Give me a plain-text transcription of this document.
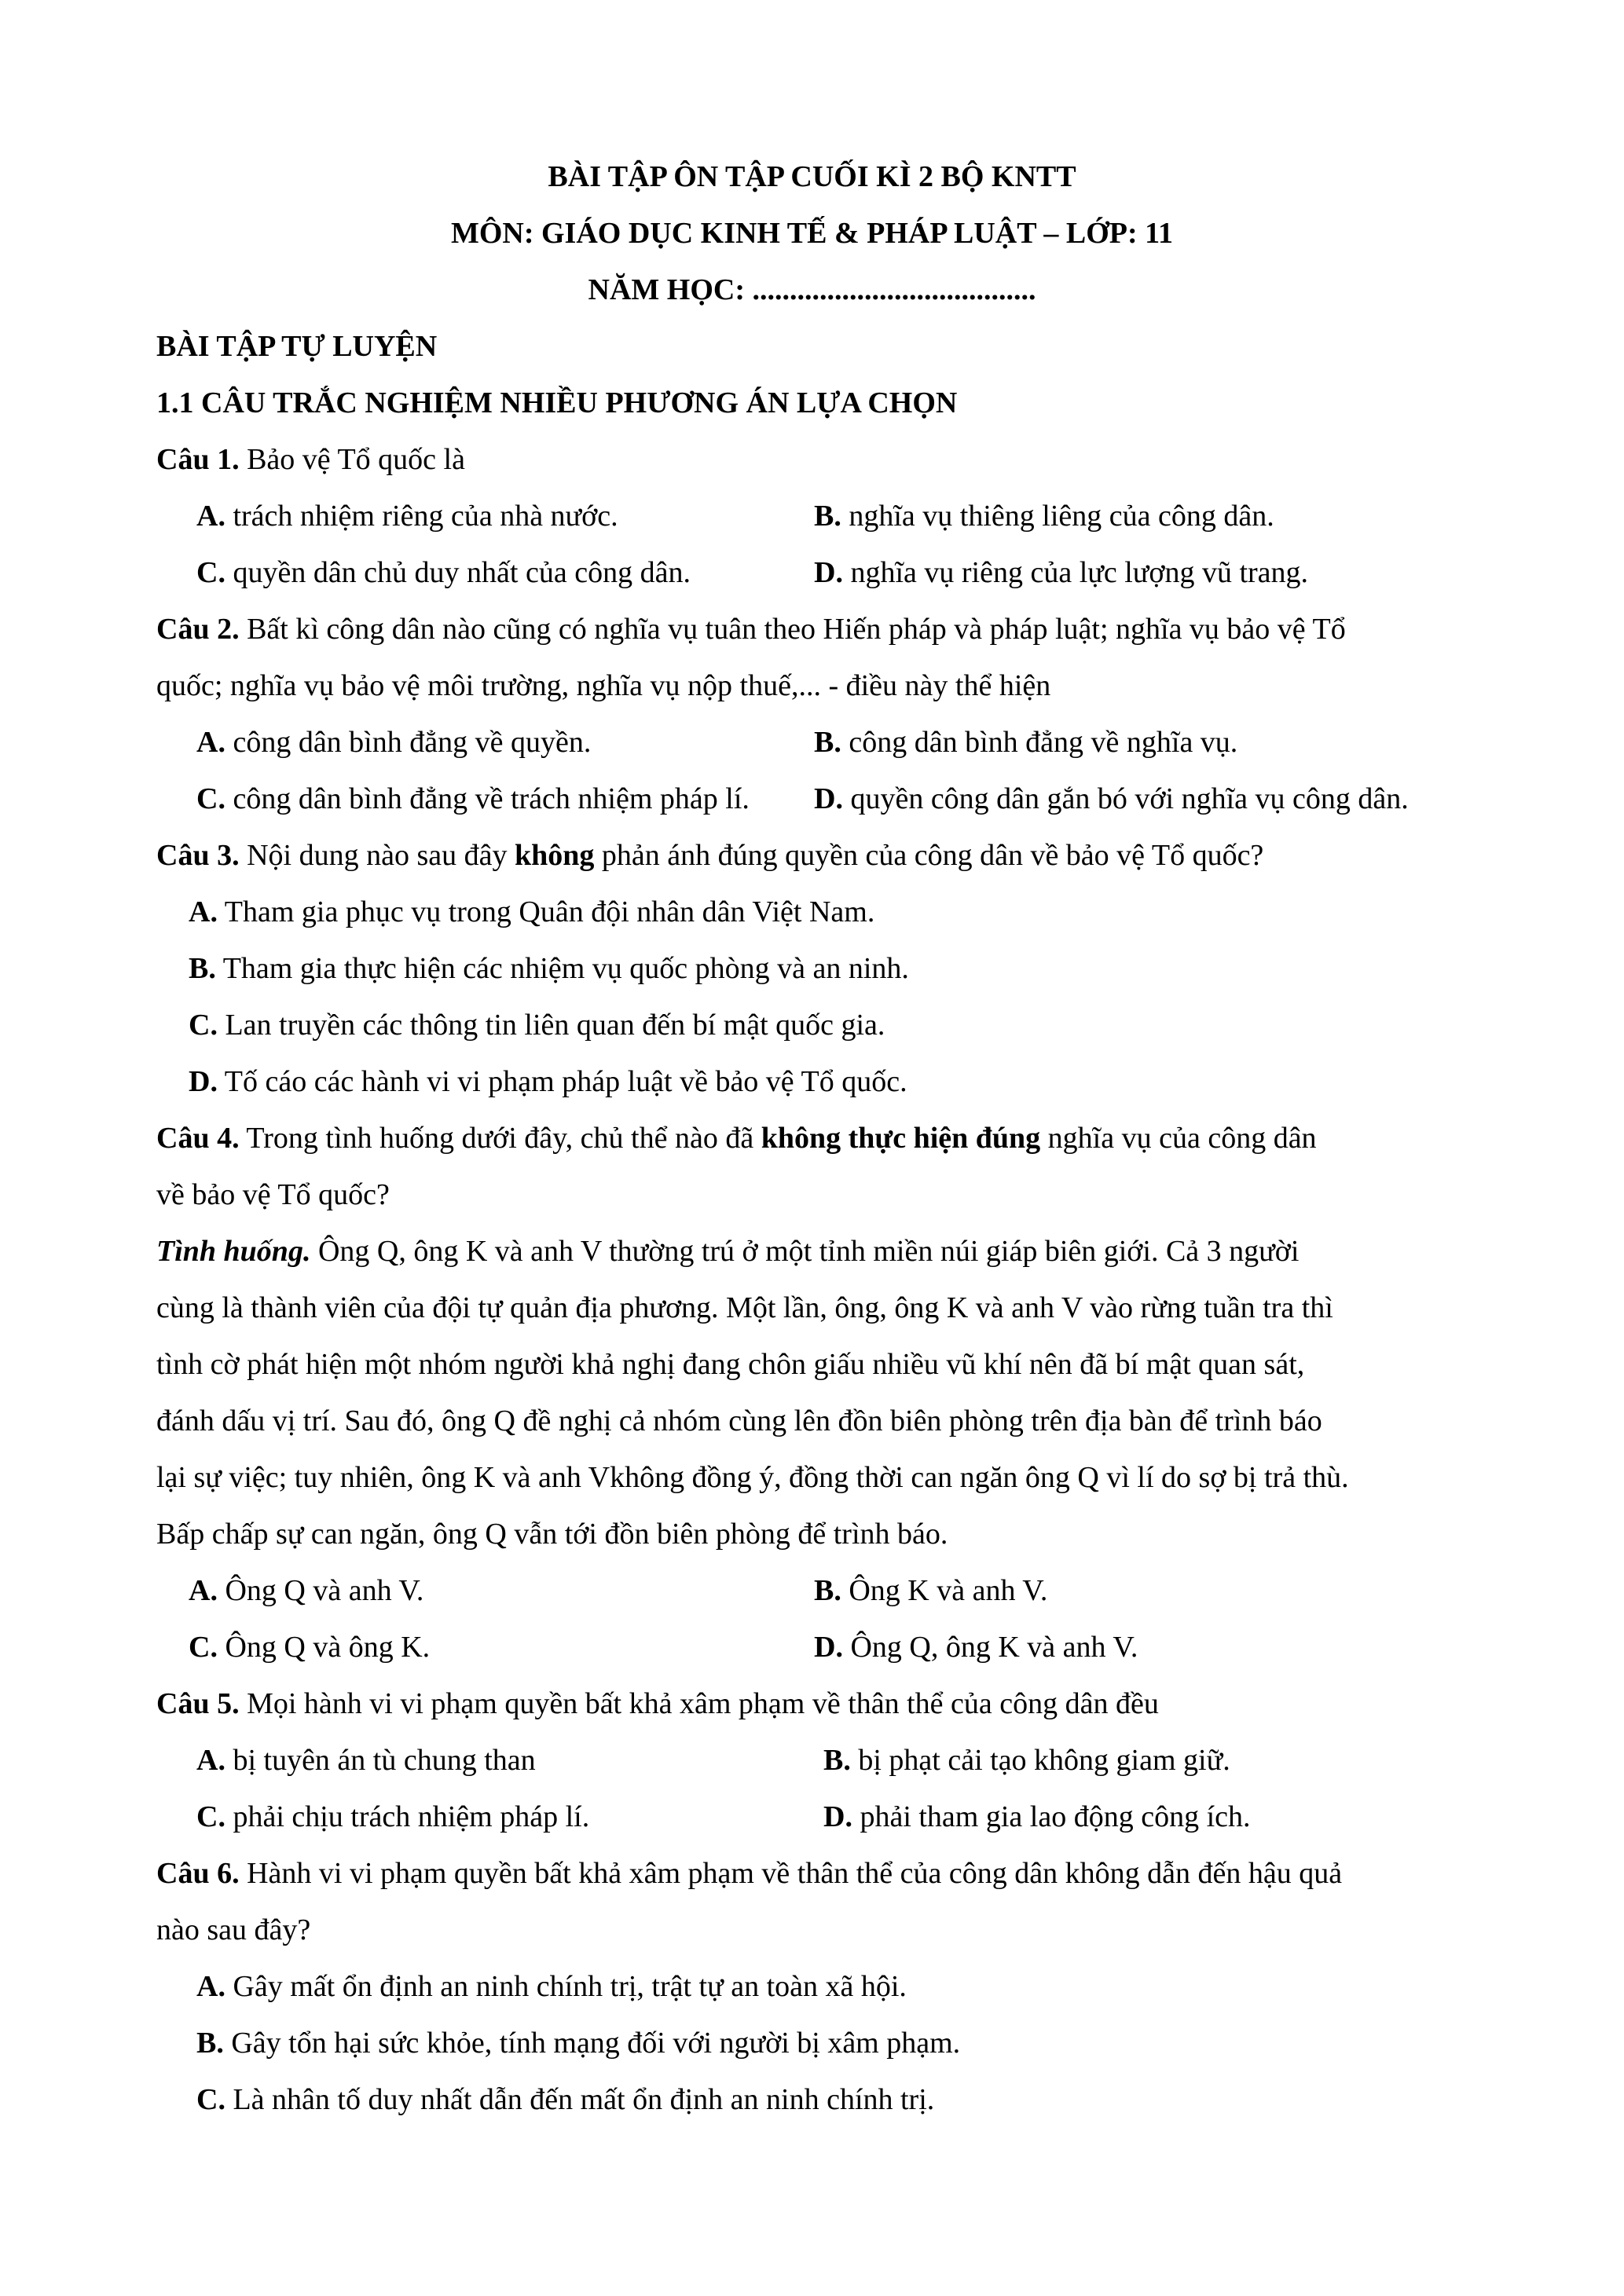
BÀI TẬP ÔN TẬP CUỐI KÌ 2 BỘ KNTT
MÔN: GIÁO DỤC KINH TẾ & PHÁP LUẬT – LỚP: 11
NĂM HỌC: ......................................
BÀI TẬP TỰ LUYỆN
1.1 CÂU TRẮC NGHIỆM NHIỀU PHƯƠNG ÁN LỰA CHỌN
Câu 1. Bảo vệ Tổ quốc là
A. trách nhiệm riêng của nhà nước.	B. nghĩa vụ thiêng liêng của công dân.
C. quyền dân chủ duy nhất của công dân.	D. nghĩa vụ riêng của lực lượng vũ trang.
Câu 2. Bất kì công dân nào cũng có nghĩa vụ tuân theo Hiến pháp và pháp luật; nghĩa vụ bảo vệ Tổ
quốc; nghĩa vụ bảo vệ môi trường, nghĩa vụ nộp thuế,... - điều này thể hiện
A. công dân bình đẳng về quyền.	B. công dân bình đẳng về nghĩa vụ.
C. công dân bình đẳng về trách nhiệm pháp lí. D. quyền công dân gắn bó với nghĩa vụ công dân.
Câu 3. Nội dung nào sau đây không phản ánh đúng quyền của công dân về bảo vệ Tổ quốc?
A. Tham gia phục vụ trong Quân đội nhân dân Việt Nam.
B. Tham gia thực hiện các nhiệm vụ quốc phòng và an ninh.
C. Lan truyền các thông tin liên quan đến bí mật quốc gia.
D. Tố cáo các hành vi vi phạm pháp luật về bảo vệ Tổ quốc.
Câu 4. Trong tình huống dưới đây, chủ thể nào đã không thực hiện đúng nghĩa vụ của công dân
về bảo vệ Tổ quốc?
Tình huống. Ông Q, ông K và anh V thường trú ở một tỉnh miền núi giáp biên giới. Cả 3 người
cùng là thành viên của đội tự quản địa phương. Một lần, ông, ông K và anh V vào rừng tuần tra thì
tình cờ phát hiện một nhóm người khả nghị đang chôn giấu nhiều vũ khí nên đã bí mật quan sát,
đánh dấu vị trí. Sau đó, ông Q đề nghị cả nhóm cùng lên đồn biên phòng trên địa bàn để trình báo
lại sự việc; tuy nhiên, ông K và anh Vkhông đồng ý, đồng thời can ngăn ông Q vì lí do sợ bị trả thù.
Bấp chấp sự can ngăn, ông Q vẫn tới đồn biên phòng để trình báo.
A. Ông Q và anh V.	B. Ông K và anh V.
C. Ông Q và ông K.	D. Ông Q, ông K và anh V.
Câu 5. Mọi hành vi vi phạm quyền bất khả xâm phạm về thân thể của công dân đều
A. bị tuyên án tù chung than	B. bị phạt cải tạo không giam giữ.
C. phải chịu trách nhiệm pháp lí.	D. phải tham gia lao động công ích.
Câu 6. Hành vi vi phạm quyền bất khả xâm phạm về thân thể của công dân không dẫn đến hậu quả
nào sau đây?
A. Gây mất ổn định an ninh chính trị, trật tự an toàn xã hội.
B. Gây tổn hại sức khỏe, tính mạng đối với người bị xâm phạm.
C. Là nhân tố duy nhất dẫn đến mất ổn định an ninh chính trị.
